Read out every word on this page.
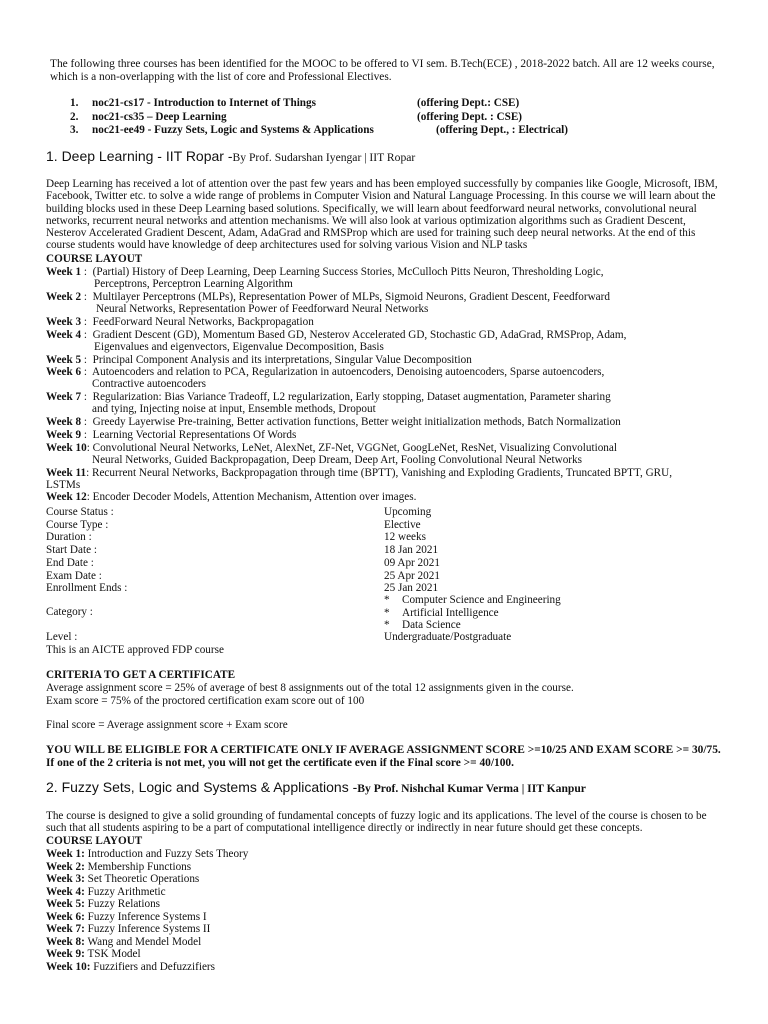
The following three courses has been identified for the MOOC to be offered to VI sem. B.Tech(ECE) , 2018-2022 batch. All are 12 weeks course, which is a non-overlapping with the list of core and Professional Electives.
1. noc21-cs17 - Introduction to Internet of Things	(offering Dept.: CSE)
2. noc21-cs35 – Deep Learning	(offering Dept. : CSE)
3. noc21-ee49 - Fuzzy Sets, Logic and Systems & Applications	(offering Dept., : Electrical)
1. Deep Learning - IIT Ropar -By Prof. Sudarshan Iyengar | IIT Ropar
Deep Learning has received a lot of attention over the past few years and has been employed successfully by companies like Google, Microsoft, IBM, Facebook, Twitter etc. to solve a wide range of problems in Computer Vision and Natural Language Processing. In this course we will learn about the building blocks used in these Deep Learning based solutions. Specifically, we will learn about feedforward neural networks, convolutional neural networks, recurrent neural networks and attention mechanisms. We will also look at various optimization algorithms such as Gradient Descent, Nesterov Accelerated Gradient Descent, Adam, AdaGrad and RMSProp which are used for training such deep neural networks. At the end of this course students would have knowledge of deep architectures used for solving various Vision and NLP tasks
COURSE LAYOUT
Week 1 :  (Partial) History of Deep Learning, Deep Learning Success Stories, McCulloch Pitts Neuron, Thresholding Logic,
Perceptrons, Perceptron Learning Algorithm
Week 2 :  Multilayer Perceptrons (MLPs), Representation Power of MLPs, Sigmoid Neurons, Gradient Descent, Feedforward
Neural Networks, Representation Power of Feedforward Neural Networks
Week 3 :  FeedForward Neural Networks, Backpropagation
Week 4 :  Gradient Descent (GD), Momentum Based GD, Nesterov Accelerated GD, Stochastic GD, AdaGrad, RMSProp, Adam,
Eigenvalues and eigenvectors, Eigenvalue Decomposition, Basis
Week 5 :  Principal Component Analysis and its interpretations, Singular Value Decomposition
Week 6 :  Autoencoders and relation to PCA, Regularization in autoencoders, Denoising autoencoders, Sparse autoencoders,
Contractive autoencoders
Week 7 :  Regularization: Bias Variance Tradeoff, L2 regularization, Early stopping, Dataset augmentation, Parameter sharing
and tying, Injecting noise at input, Ensemble methods, Dropout
Week 8 :  Greedy Layerwise Pre-training, Better activation functions, Better weight initialization methods, Batch Normalization
Week 9 :  Learning Vectorial Representations Of Words
Week 10: Convolutional Neural Networks, LeNet, AlexNet, ZF-Net, VGGNet, GoogLeNet, ResNet, Visualizing Convolutional
Neural Networks, Guided Backpropagation, Deep Dream, Deep Art, Fooling Convolutional Neural Networks
Week 11: Recurrent Neural Networks, Backpropagation through time (BPTT), Vanishing and Exploding Gradients, Truncated BPTT, GRU,
LSTMs
Week 12: Encoder Decoder Models, Attention Mechanism, Attention over images.
Course Status :	Upcoming
Course Type :	Elective
Duration :	12 weeks
Start Date :	18 Jan 2021
End Date :	09 Apr 2021
Exam Date :	25 Apr 2021
Enrollment Ends :	25 Jan 2021
Category :
* Computer Science and Engineering
* Artificial Intelligence
* Data Science
Level :	Undergraduate/Postgraduate
This is an AICTE approved FDP course
CRITERIA TO GET A CERTIFICATE
Average assignment score = 25% of average of best 8 assignments out of the total 12 assignments given in the course.
Exam score = 75% of the proctored certification exam score out of 100
Final score = Average assignment score + Exam score
YOU WILL BE ELIGIBLE FOR A CERTIFICATE ONLY IF AVERAGE ASSIGNMENT SCORE >=10/25 AND EXAM SCORE >= 30/75. If one of the 2 criteria is not met, you will not get the certificate even if the Final score >= 40/100.
2. Fuzzy Sets, Logic and Systems & Applications -By Prof. Nishchal Kumar Verma | IIT Kanpur
The course is designed to give a solid grounding of fundamental concepts of fuzzy logic and its applications. The level of the course is chosen to be such that all students aspiring to be a part of computational intelligence directly or indirectly in near future should get these concepts.
COURSE LAYOUT
Week 1: Introduction and Fuzzy Sets Theory
Week 2: Membership Functions
Week 3: Set Theoretic Operations
Week 4: Fuzzy Arithmetic
Week 5: Fuzzy Relations
Week 6: Fuzzy Inference Systems I
Week 7: Fuzzy Inference Systems II
Week 8: Wang and Mendel Model
Week 9: TSK Model
Week 10: Fuzzifiers and Defuzzifiers
